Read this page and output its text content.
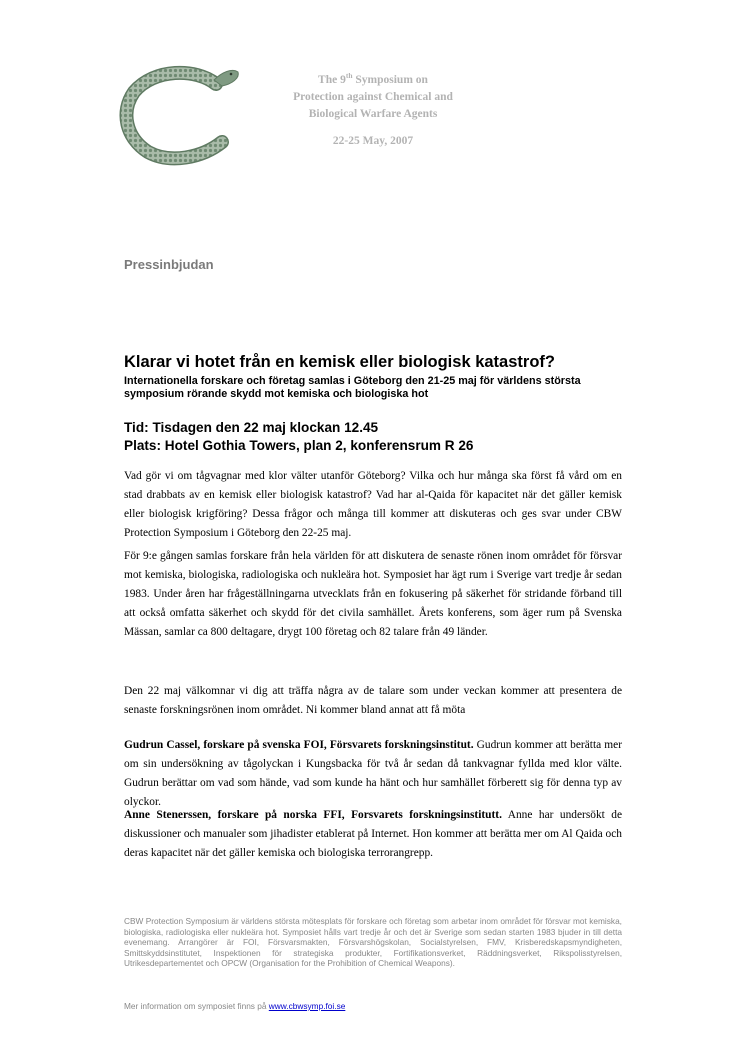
The 9th Symposium on
Protection against Chemical and
Biological Warfare Agents
22-25 May, 2007
Pressinbjudan
Klarar vi hotet från en kemisk eller biologisk katastrof?
Internationella forskare och företag samlas i Göteborg den 21-25 maj för världens största symposium rörande skydd mot kemiska och biologiska hot
Tid: Tisdagen den 22 maj klockan 12.45
Plats: Hotel Gothia Towers, plan 2, konferensrum R 26

Vad gör vi om tågvagnar med klor välter utanför Göteborg? Vilka och hur många ska först få vård om en stad drabbats av en kemisk eller biologisk katastrof? Vad har al-Qaida för kapacitet när det gäller kemisk eller biologisk krigföring? Dessa frågor och många till kommer att diskuteras och ges svar under CBW Protection Symposium i Göteborg den 22-25 maj.

För 9:e gången samlas forskare från hela världen för att diskutera de senaste rönen inom området för försvar mot kemiska, biologiska, radiologiska och nukleära hot. Symposiet har ägt rum i Sverige vart tredje år sedan 1983. Under åren har frågeställningarna utvecklats från en fokusering på säkerhet för stridande förband till att också omfatta säkerhet och skydd för det civila samhället. Årets konferens, som äger rum på Svenska Mässan, samlar ca 800 deltagare, drygt 100 företag och 82 talare från 49 länder.

Den 22 maj välkomnar vi dig att träffa några av de talare som under veckan kommer att presentera de senaste forskningsrönen inom området. Ni kommer bland annat att få möta

Gudrun Cassel, forskare på svenska FOI, Försvarets forskningsinstitut. Gudrun kommer att berätta mer om sin undersökning av tågolyckan i Kungsbacka för två år sedan då tankvagnar fyllda med klor välte. Gudrun berättar om vad som hände, vad som kunde ha hänt och hur samhället förberett sig för denna typ av olyckor.

Anne Stenerssen, forskare på norska FFI, Forsvarets forskningsinstitutt. Anne har undersökt de diskussioner och manualer som jihadister etablerat på Internet. Hon kommer att berätta mer om Al Qaida och deras kapacitet när det gäller kemiska och biologiska terrorangrepp.

CBW Protection Symposium är världens största mötesplats för forskare och företag som arbetar inom området för försvar mot kemiska, biologiska, radiologiska eller nukleära hot. Symposiet hålls vart tredje år och det är Sverige som sedan starten 1983 bjuder in till detta evenemang. Arrangörer är FOI, Försvarsmakten, Försvarshögskolan, Socialstyrelsen, FMV, Krisberedskapsmyndigheten, Smittskyddsinstitutet, Inspektionen för strategiska produkter, Fortifikationsverket, Räddningsverket, Rikspolisstyrelsen, Utrikesdepartementet och OPCW (Organisation for the Prohibition of Chemical Weapons).

Mer information om symposiet finns på www.cbwsymp.foi.se
